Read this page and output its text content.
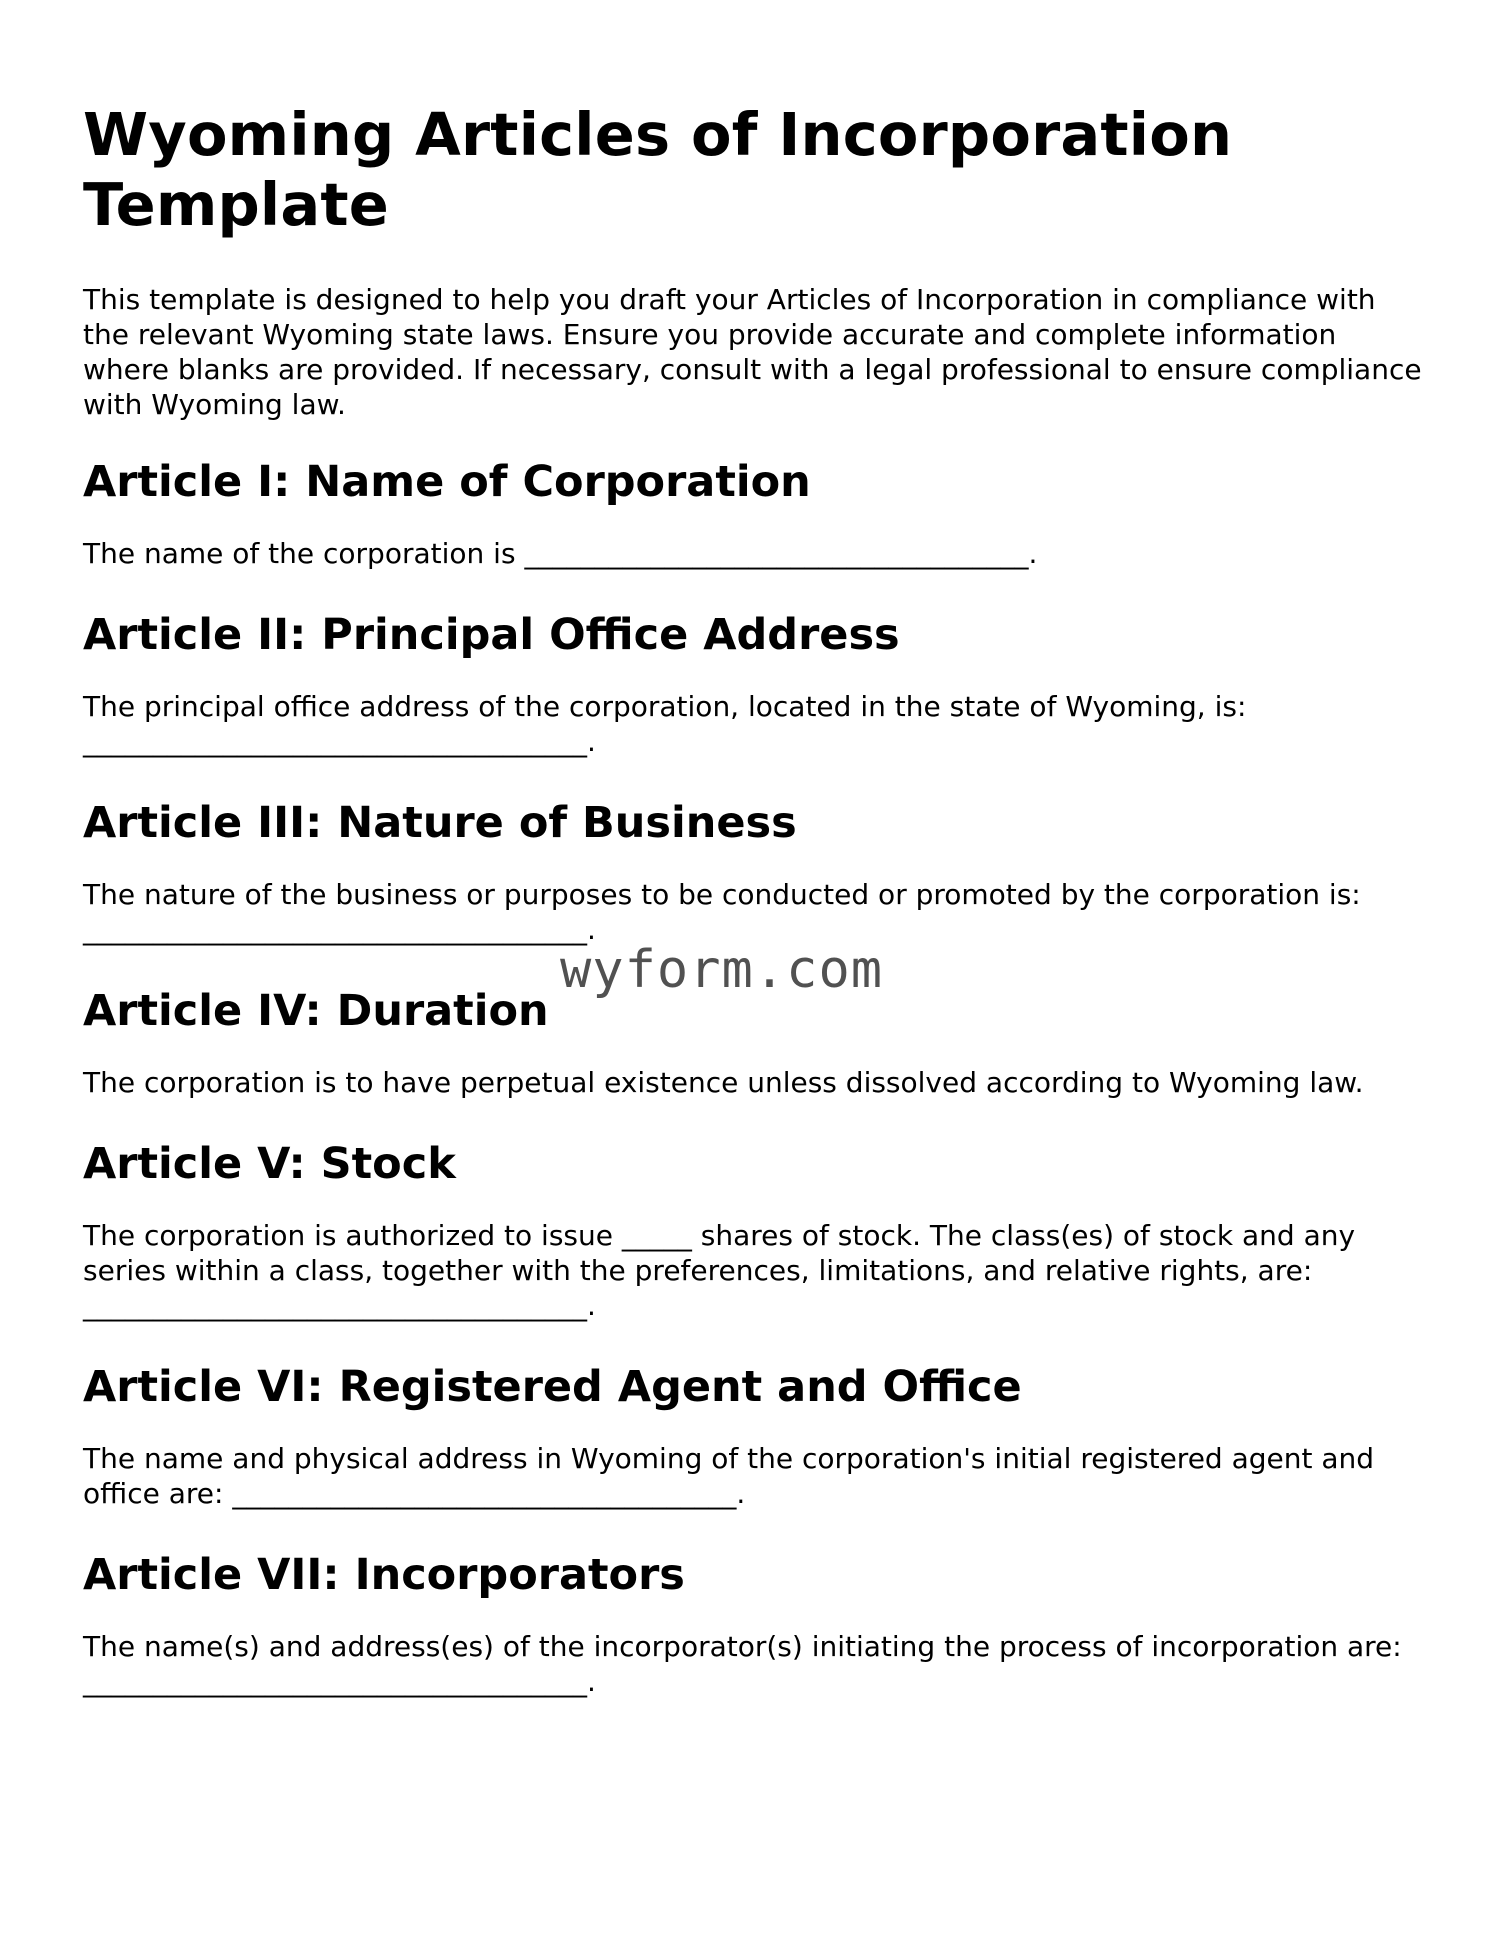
Wyoming Articles of Incorporation Template

This template is designed to help you draft your Articles of Incorporation in compliance with the relevant Wyoming state laws. Ensure you provide accurate and complete information where blanks are provided. If necessary, consult with a legal professional to ensure compliance with Wyoming law.

Article I: Name of Corporation

The name of the corporation is ____________________________________.

Article II: Principal Office Address

The principal office address of the corporation, located in the state of Wyoming, is: ____________________________________.

Article III: Nature of Business

The nature of the business or purposes to be conducted or promoted by the corporation is: ____________________________________.

Article IV: Duration

The corporation is to have perpetual existence unless dissolved according to Wyoming law.

Article V: Stock

The corporation is authorized to issue _____ shares of stock. The class(es) of stock and any series within a class, together with the preferences, limitations, and relative rights, are: ____________________________________.

Article VI: Registered Agent and Office

The name and physical address in Wyoming of the corporation's initial registered agent and office are: ____________________________________.

Article VII: Incorporators

The name(s) and address(es) of the incorporator(s) initiating the process of incorporation are: ____________________________________.

wyform.com
